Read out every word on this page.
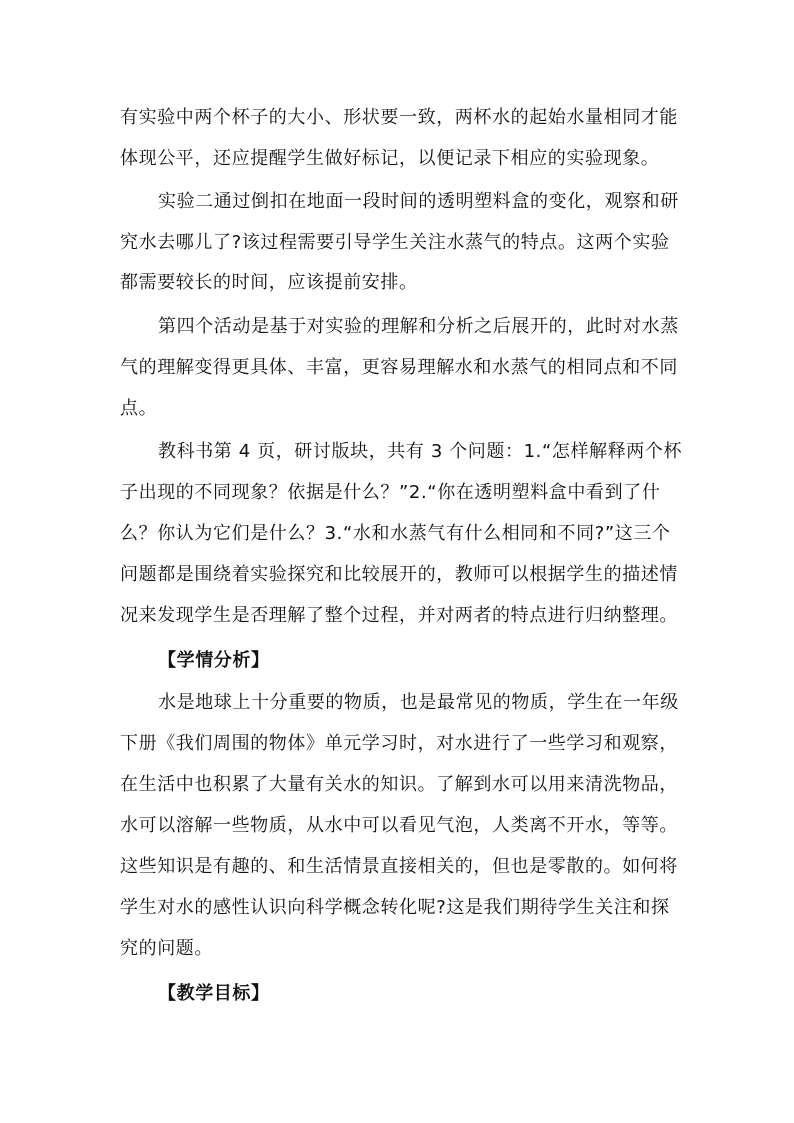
有实验中两个杯子的大小、形状要一致，两杯水的起始水量相同才能
体现公平，还应提醒学生做好标记，以便记录下相应的实验现象。
实验二通过倒扣在地面一段时间的透明塑料盒的变化，观察和研
究水去哪儿了?该过程需要引导学生关注水蒸气的特点。这两个实验
都需要较长的时间，应该提前安排。
第四个活动是基于对实验的理解和分析之后展开的，此时对水蒸
气的理解变得更具体、丰富，更容易理解水和水蒸气的相同点和不同
点。
教科书第 4 页，研讨版块，共有 3 个问题：1.“怎样解释两个杯
子出现的不同现象？依据是什么？”2.“你在透明塑料盒中看到了什
么？你认为它们是什么？3.“水和水蒸气有什么相同和不同?”这三个
问题都是围绕着实验探究和比较展开的，教师可以根据学生的描述情
况来发现学生是否理解了整个过程，并对两者的特点进行归纳整理。
【学情分析】
水是地球上十分重要的物质，也是最常见的物质，学生在一年级
下册《我们周围的物体》单元学习时，对水进行了一些学习和观察，
在生活中也积累了大量有关水的知识。了解到水可以用来清洗物品，
水可以溶解一些物质，从水中可以看见气泡，人类离不开水，等等。
这些知识是有趣的、和生活情景直接相关的，但也是零散的。如何将
学生对水的感性认识向科学概念转化呢?这是我们期待学生关注和探
究的问题。
【教学目标】
